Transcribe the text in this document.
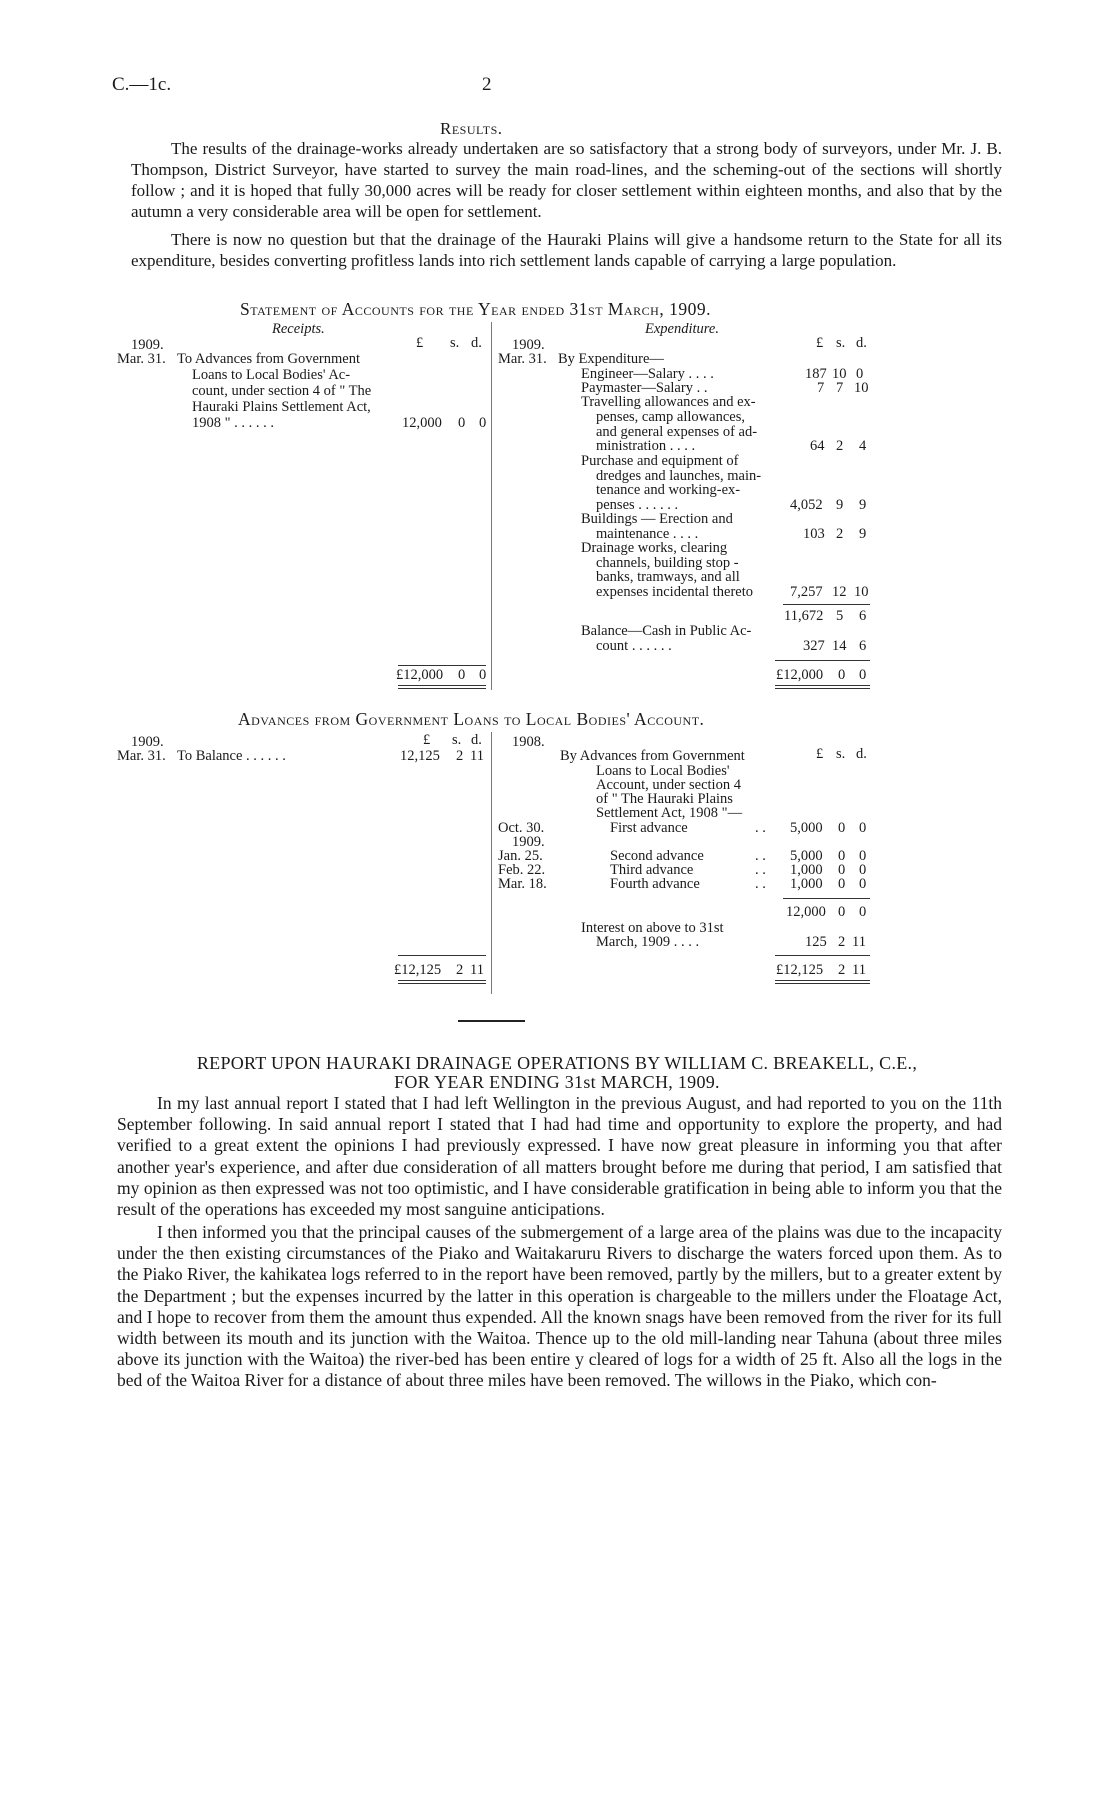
C.—1c.	2
Results.

The results of the drainage-works already undertaken are so satisfactory that a strong body of surveyors, under Mr. J. B. Thompson, District Surveyor, have started to survey the main road-lines, and the scheming-out of the sections will shortly follow ; and it is hoped that fully 30,000 acres will be ready for closer settlement within eighteen months, and also that by the autumn a very considerable area will be open for settlement.

There is now no question but that the drainage of the Hauraki Plains will give a handsome return to the State for all its expenditure, besides converting profitless lands into rich settlement lands capable of carrying a large population.

Statement of Accounts for the Year ended 31st March, 1909.
Receipts.	Expenditure.
1909.	£ s. d.
Mar. 31. To Advances from Government
Loans to Local Bodies' Ac-
count, under section 4 of " The
Hauraki Plains Settlement Act,
1908 " . . . . . .	12,000 0 0
£12,000 0 0
1909.	£ s. d.
Mar. 31. By Expenditure—
Engineer—Salary . . . .	187 10 0
Paymaster—Salary . .	7 7 10
Travelling allowances and ex-
penses, camp allowances,
and general expenses of ad-
ministration . . . .	64 2 4
Purchase and equipment of
dredges and launches, main-
tenance and working-ex-
penses . . . . . .	4,052 9 9
Buildings — Erection and
maintenance . . . .	103 2 9
Drainage works, clearing
channels, building stop -
banks, tramways, and all
expenses incidental thereto	7,257 12 10
11,672 5 6
Balance—Cash in Public Ac-
count . . . . . .	327 14 6
£12,000 0 0
Advances from Government Loans to Local Bodies' Account.
1909.	£ s. d.
Mar. 31. To Balance . . . . . .	12,125 2 11
£12,125 2 11
1908.
By Advances from Government	£ s. d.
Loans to Local Bodies'
Account, under section 4
of " The Hauraki Plains
Settlement Act, 1908 "—
Oct. 30.	First advance	. . 5,000 0 0
1909.
Jan. 25.	Second advance	. . 5,000 0 0
Feb. 22.	Third advance	. . 1,000 0 0
Mar. 18.	Fourth advance	. . 1,000 0 0
12,000 0 0
Interest on above to 31st
March, 1909 . . . .	125 2 11
£12,125 2 11
REPORT UPON HAURAKI DRAINAGE OPERATIONS BY WILLIAM C. BREAKELL, C.E.,
FOR YEAR ENDING 31st MARCH, 1909.

In my last annual report I stated that I had left Wellington in the previous August, and had reported to you on the 11th September following. In said annual report I stated that I had had time and opportunity to explore the property, and had verified to a great extent the opinions I had previously expressed. I have now great pleasure in informing you that after another year's experience, and after due consideration of all matters brought before me during that period, I am satisfied that my opinion as then expressed was not too optimistic, and I have considerable gratification in being able to inform you that the result of the operations has exceeded my most sanguine anticipations.

I then informed you that the principal causes of the submergement of a large area of the plains was due to the incapacity under the then existing circumstances of the Piako and Waitakaruru Rivers to discharge the waters forced upon them. As to the Piako River, the kahikatea logs referred to in the report have been removed, partly by the millers, but to a greater extent by the Department ; but the expenses incurred by the latter in this operation is chargeable to the millers under the Floatage Act, and I hope to recover from them the amount thus expended. All the known snags have been removed from the river for its full width between its mouth and its junction with the Waitoa. Thence up to the old mill-landing near Tahuna (about three miles above its junction with the Waitoa) the river-bed has been entire y cleared of logs for a width of 25 ft. Also all the logs in the bed of the Waitoa River for a distance of about three miles have been removed. The willows in the Piako, which con-
